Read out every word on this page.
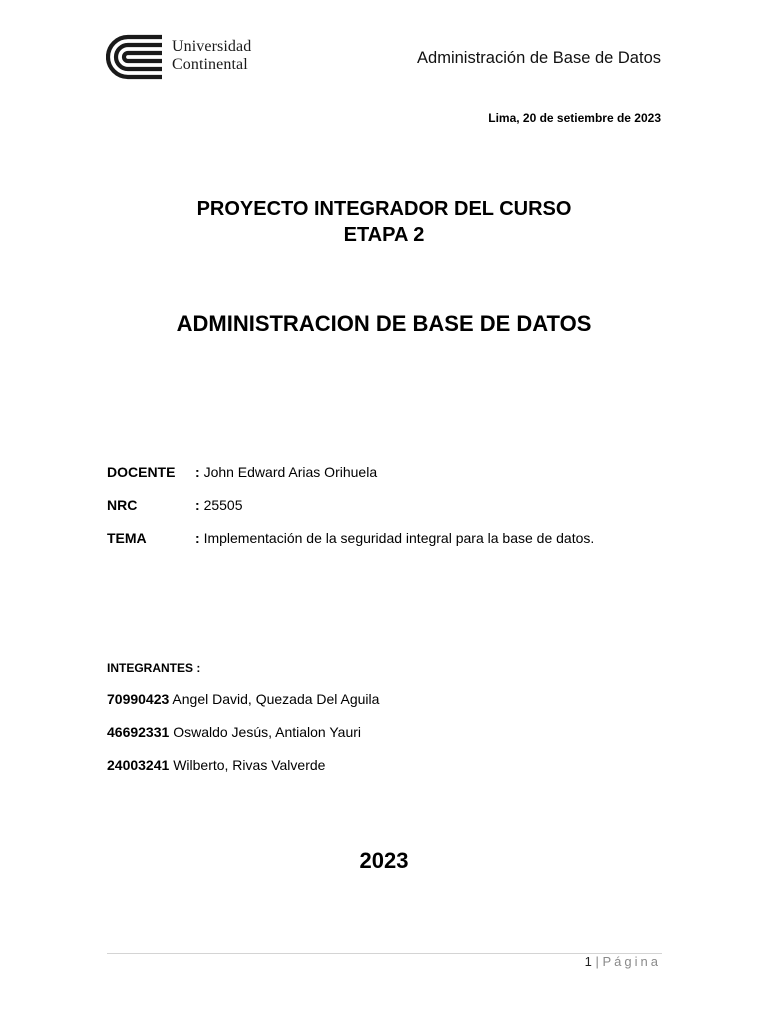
Universidad
Continental	Administración de Base de Datos
Lima, 20 de setiembre de 2023
PROYECTO INTEGRADOR DEL CURSO
ETAPA 2
ADMINISTRACION DE BASE DE DATOS
DOCENTE : John Edward Arias Orihuela
NRC	: 25505
TEMA	: Implementación de la seguridad integral para la base de datos.
INTEGRANTES :
70990423 Angel David, Quezada Del Aguila
46692331 Oswaldo Jesús, Antialon Yauri
24003241 Wilberto, Rivas Valverde
2023
1 | Página
